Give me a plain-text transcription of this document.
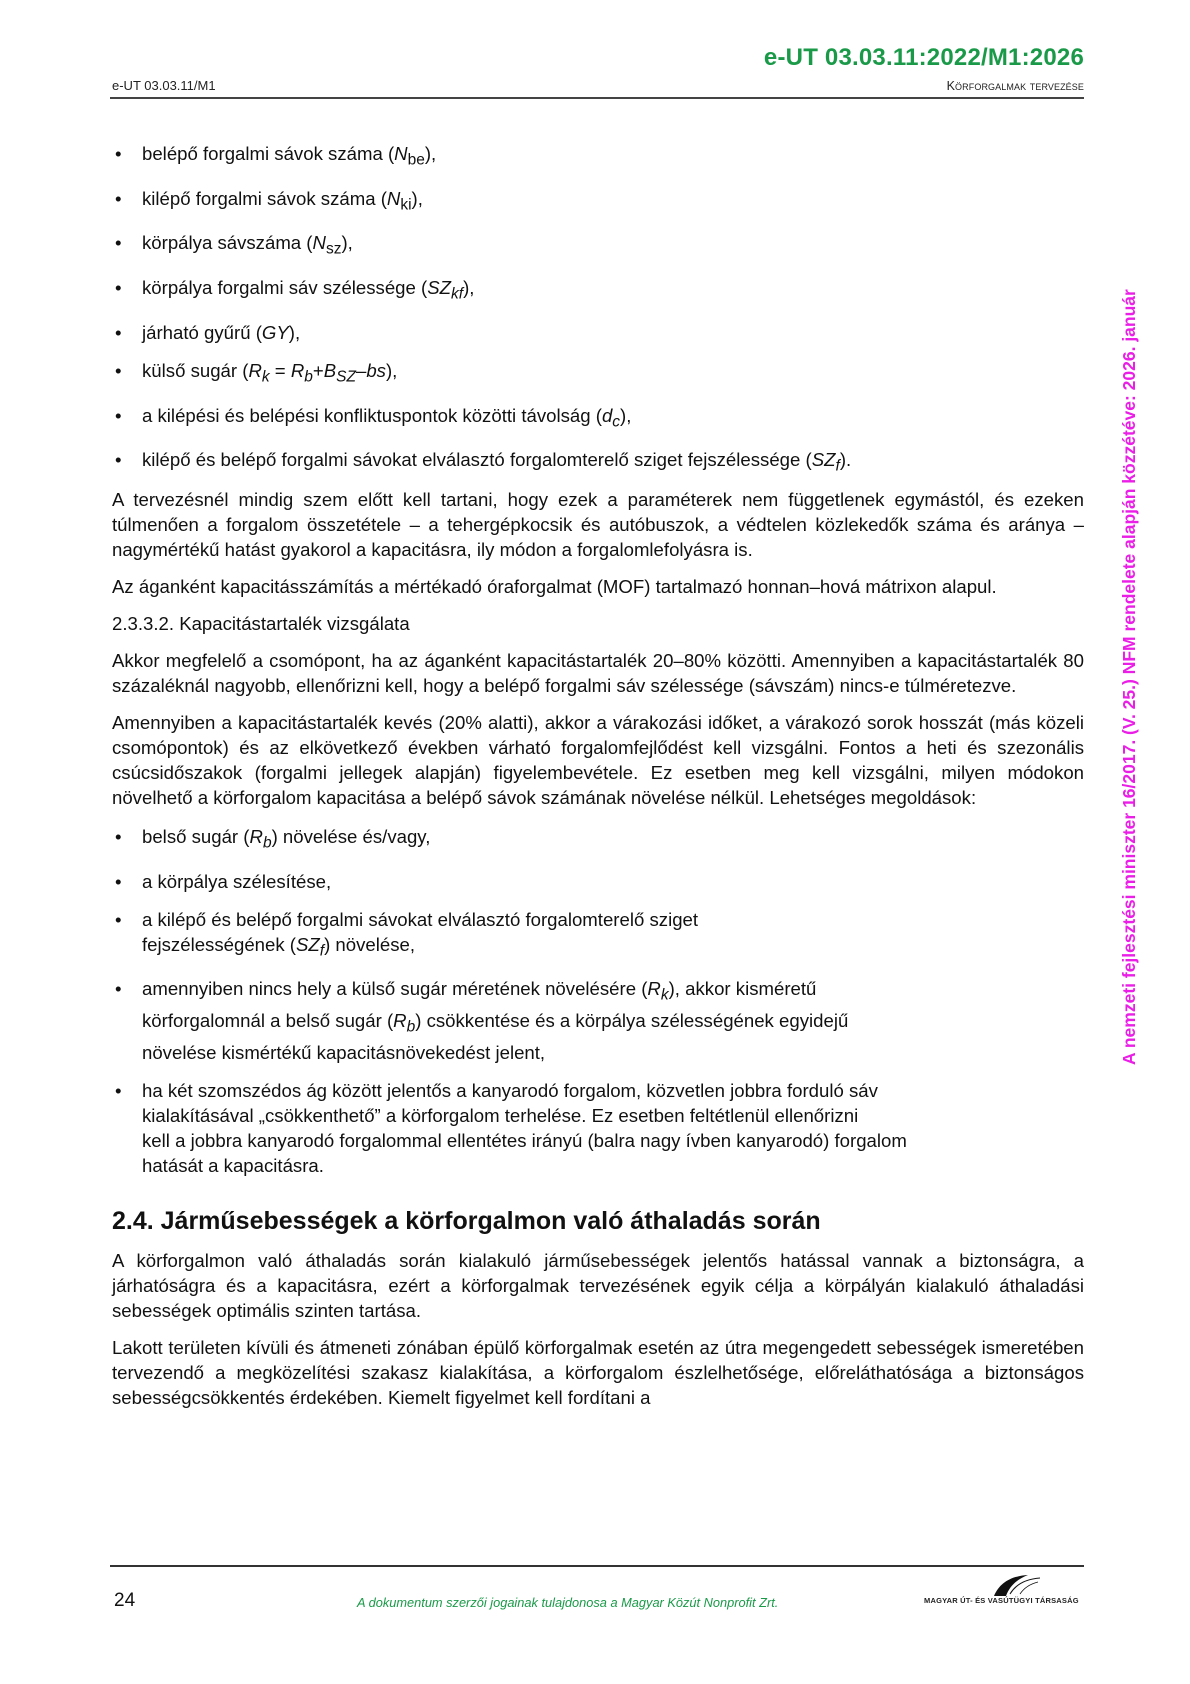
e-UT 03.03.11:2022/M1:2026
e-UT 03.03.11/M1	Körforgalmak tervezése
• belépő forgalmi sávok száma $(N_{be})$,
• kilépő forgalmi sávok száma $(N_{ki})$,
• körpálya sávszáma $(N_{sz})$,
• körpálya forgalmi sáv szélessége $(SZ_{kf})$,
• járható gyűrű (GY),
• külső sugár $(R_k = R_b+B_{SZ}-bs)$,
• a kilépési és belépési konfliktuspontok közötti távolság $(d_c)$,
• kilépő és belépő forgalmi sávokat elválasztó forgalomterelő sziget fejszélessége $(SZ_f)$.

A tervezésnél mindig szem előtt kell tartani, hogy ezek a paraméterek nem függetlenek egymástól, és ezeken túlmenően a forgalom összetétele – a tehergépkocsik és autóbuszok, a védtelen közlekedők száma és aránya – nagymértékű hatást gyakorol a kapacitásra, ily módon a forgalomlefolyásra is.

Az áganként kapacitásszámítás a mértékadó óraforgalmat (MOF) tartalmazó honnan–hová mátrixon alapul.

2.3.3.2. Kapacitástartalék vizsgálata

Akkor megfelelő a csomópont, ha az áganként kapacitástartalék 20–80% közötti. Amennyiben a kapacitástartalék 80 százaléknál nagyobb, ellenőrizni kell, hogy a belépő forgalmi sáv szélessége (sávszám) nincs-e túlméretezve.

Amennyiben a kapacitástartalék kevés (20% alatti), akkor a várakozási időket, a várakozó sorok hosszát (más közeli csomópontok) és az elkövetkező években várható forgalomfejlődést kell vizsgálni. Fontos a heti és szezonális csúcsidőszakok (forgalmi jellegek alapján) figyelembevétele. Ez esetben meg kell vizsgálni, milyen módokon növelhető a körforgalom kapacitása a belépő sávok számának növelése nélkül. Lehetséges megoldások:

• belső sugár $(R_b)$ növelése és/vagy,
• a körpálya szélesítése,
• a kilépő és belépő forgalmi sávokat elválasztó forgalomterelő sziget
fejszélességének $(SZ_f)$ növelése,
• amennyiben nincs hely a külső sugár méretének növelésére $(R_k)$, akkor kisméretű
körforgalomnál a belső sugár $(R_b)$ csökkentése és a körpálya szélességének egyidejű
növelése kismértékű kapacitásnövekedést jelent,
• ha két szomszédos ág között jelentős a kanyarodó forgalom, közvetlen jobbra forduló sáv
kialakításával „csökkenthető” a körforgalom terhelése. Ez esetben feltétlenül ellenőrizni
kell a jobbra kanyarodó forgalommal ellentétes irányú (balra nagy ívben kanyarodó) forgalom
hatását a kapacitásra.
2.4. Járműsebességek a körforgalmon való áthaladás során

A körforgalmon való áthaladás során kialakuló járműsebességek jelentős hatással vannak a biztonságra, a járhatóságra és a kapacitásra, ezért a körforgalmak tervezésének egyik célja a körpályán kialakuló áthaladási sebességek optimális szinten tartása.

Lakott területen kívüli és átmeneti zónában épülő körforgalmak esetén az útra megengedett sebességek ismeretében tervezendő a megközelítési szakasz kialakítása, a körforgalom észlelhetősége, előreláthatósága a biztonságos sebességcsökkentés érdekében. Kiemelt figyelmet kell fordítani a

A nemzeti fejlesztési miniszter 16/2017. (V. 25.) NFM rendelete alapján közzétéve: 2026. január
24	A dokumentum szerzői jogainak tulajdonosa a Magyar Közút Nonprofit Zrt.	MAGYAR ÚT- ÉS VASÚTÜGYI TÁRSASÁG
